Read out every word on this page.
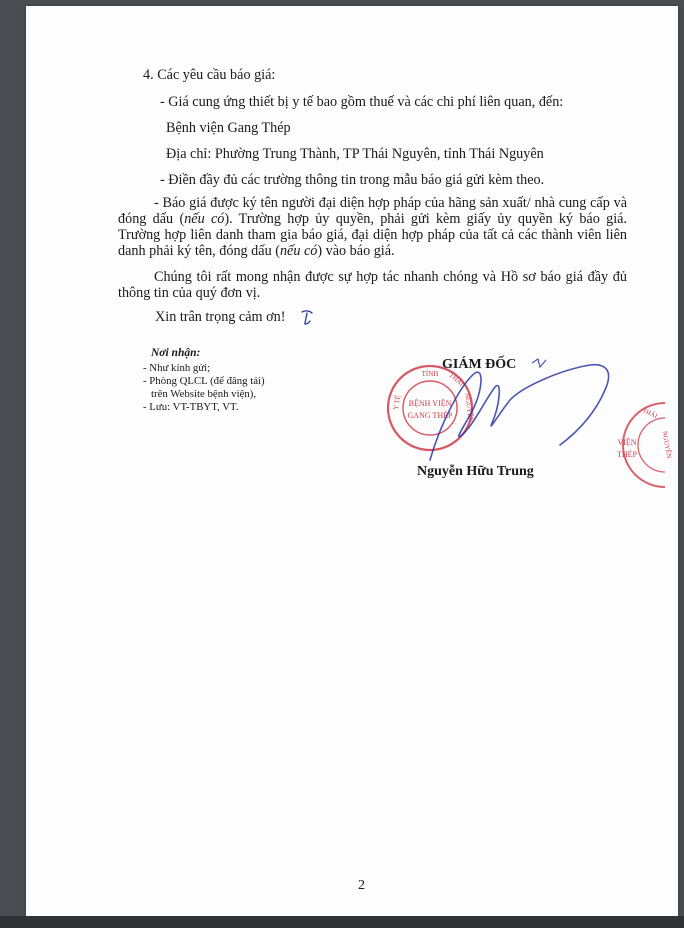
4. Các yêu cầu báo giá:
- Giá cung ứng thiết bị y tế bao gồm thuế và các chi phí liên quan, đến:
Bệnh viện Gang Thép
Địa chỉ: Phường Trung Thành, TP Thái Nguyên, tỉnh Thái Nguyên
- Điền đầy đủ các trường thông tin trong mẫu báo giá gửi kèm theo.
- Báo giá được ký tên người đại diện hợp pháp của hãng sản xuất/ nhà cung cấp và đóng dấu (nếu có). Trường hợp ủy quyền, phải gửi kèm giấy ủy quyền ký báo giá. Trường hợp liên danh tham gia báo giá, đại diện hợp pháp của tất cả các thành viên liên danh phải ký tên, đóng dấu (nếu có) vào báo giá.
Chúng tôi rất mong nhận được sự hợp tác nhanh chóng và Hồ sơ báo giá đầy đủ thông tin của quý đơn vị.
Xin trân trọng cảm ơn!
Nơi nhận:
- Như kính gửi;
- Phòng QLCL (để đăng tải)
trên Website bệnh viện),
- Lưu: VT-TBYT, VT.
GIÁM ĐỐC
Nguyễn Hữu Trung
TỈNH THÁI
NGUYÊN
Y TẾ BỆNH VIỆN
GANG THÉP	THÁI
NGUYÊN
VIỆN
THÉP
2
